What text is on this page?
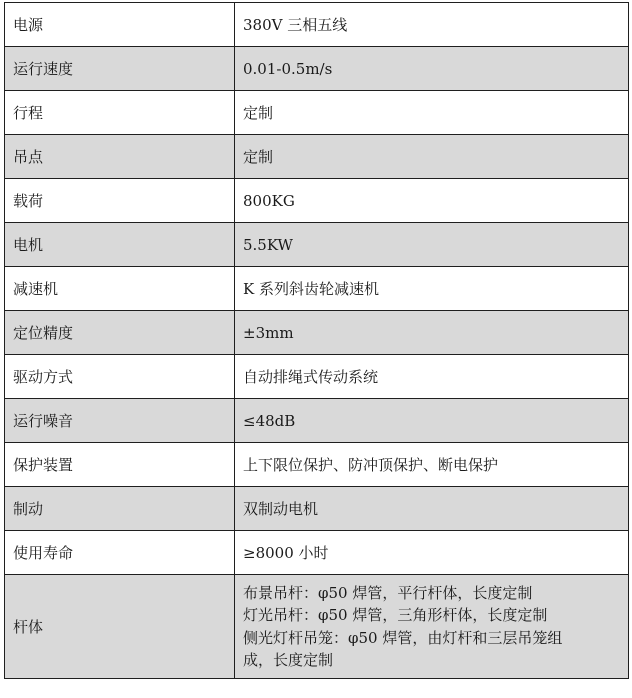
电源	380V 三相五线
运行速度	0.01-0.5m/s
行程	定制
吊点	定制
载荷	800KG
电机	5.5KW
减速机	K 系列斜齿轮减速机
定位精度	±3mm
驱动方式	自动排绳式传动系统
运行噪音	≤48dB
保护装置	上下限位保护、防冲顶保护、断电保护
制动	双制动电机
使用寿命	≥8000 小时
杆体	布景吊杆：φ50 焊管，平行杆体，长度定制
灯光吊杆：φ50 焊管，三角形杆体，长度定制
侧光灯杆吊笼：φ50 焊管，由灯杆和三层吊笼组
成，长度定制
